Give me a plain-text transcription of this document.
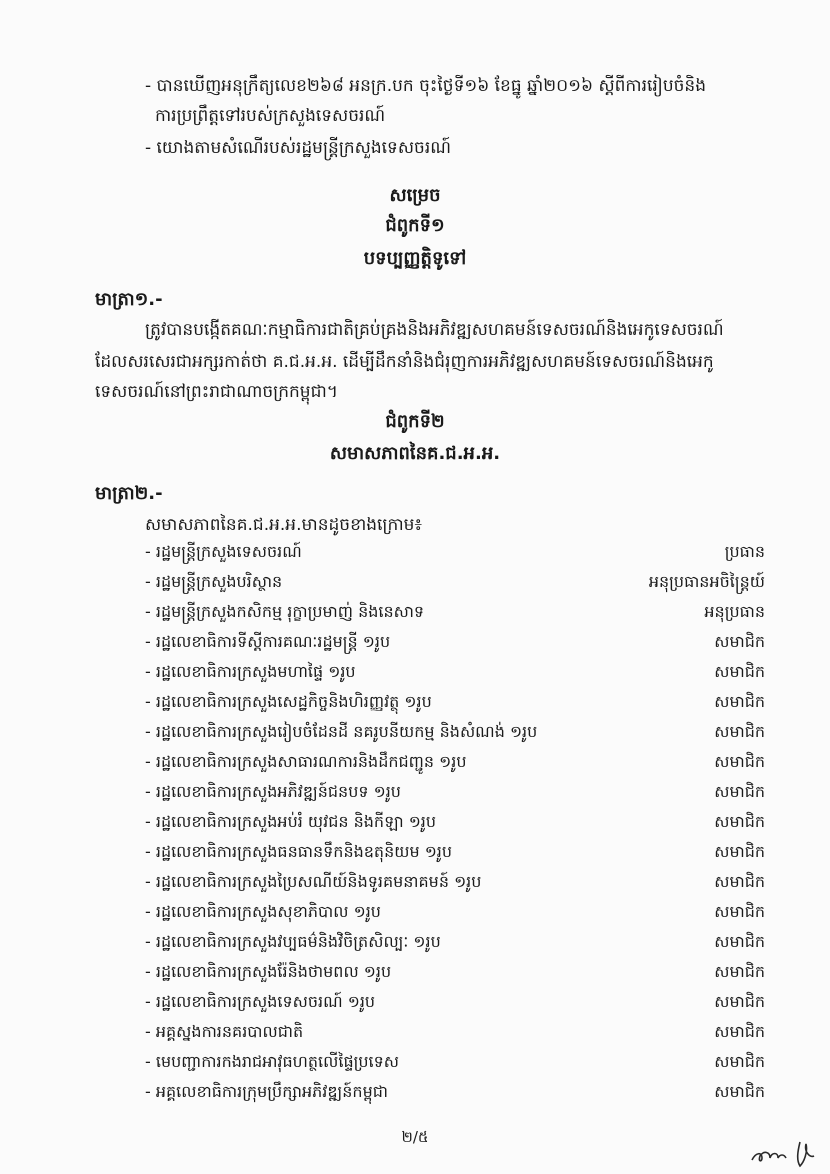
- បានឃើញអនុក្រឹត្យលេខ២៦៨ អនក្រ.បក ចុះថ្ងៃទី១៦ ខែធ្នូ ឆ្នាំ២០១៦ ស្ដីពីការរៀបចំនិង
ការប្រព្រឹត្តទៅរបស់ក្រសួងទេសចរណ៍
- យោងតាមសំណើរបស់រដ្ឋមន្ត្រីក្រសួងទេសចរណ៍
សម្រេច
ជំពូកទី១
បទប្បញ្ញត្តិទូទៅ
មាត្រា១.-
ត្រូវបានបង្កើតគណៈកម្មាធិការជាតិគ្រប់គ្រងនិងអភិវឌ្ឍសហគមន៍ទេសចរណ៍និងអេកូទេសចរណ៍
ដែលសរសេរជាអក្សរកាត់ថា គ.ជ.អ.អ. ដើម្បីដឹកនាំនិងជំរុញការអភិវឌ្ឍសហគមន៍ទេសចរណ៍និងអេកូ
ទេសចរណ៍នៅព្រះរាជាណាចក្រកម្ពុជា។
ជំពូកទី២
សមាសភាពនៃគ.ជ.អ.អ.
មាត្រា២.-
សមាសភាពនៃគ.ជ.អ.អ.មានដូចខាងក្រោម៖
- រដ្ឋមន្ត្រីក្រសួងទេសចរណ៍	ប្រធាន
- រដ្ឋមន្ត្រីក្រសួងបរិស្ថាន	អនុប្រធានអចិន្ត្រៃយ៍
- រដ្ឋមន្ត្រីក្រសួងកសិកម្ម រុក្ខាប្រមាញ់ និងនេសាទ	អនុប្រធាន
- រដ្ឋលេខាធិការទីស្ដីការគណៈរដ្ឋមន្ត្រី ១រូប	សមាជិក
- រដ្ឋលេខាធិការក្រសួងមហាផ្ទៃ ១រូប	សមាជិក
- រដ្ឋលេខាធិការក្រសួងសេដ្ឋកិច្ចនិងហិរញ្ញវត្ថុ ១រូប	សមាជិក
- រដ្ឋលេខាធិការក្រសួងរៀបចំដែនដី នគរូបនីយកម្ម និងសំណង់ ១រូប	សមាជិក
- រដ្ឋលេខាធិការក្រសួងសាធារណការនិងដឹកជញ្ជូន ១រូប	សមាជិក
- រដ្ឋលេខាធិការក្រសួងអភិវឌ្ឍន៍ជនបទ ១រូប	សមាជិក
- រដ្ឋលេខាធិការក្រសួងអប់រំ យុវជន និងកីឡា ១រូប	សមាជិក
- រដ្ឋលេខាធិការក្រសួងធនធានទឹកនិងឧតុនិយម ១រូប	សមាជិក
- រដ្ឋលេខាធិការក្រសួងប្រៃសណីយ៍និងទូរគមនាគមន៍ ១រូប	សមាជិក
- រដ្ឋលេខាធិការក្រសួងសុខាភិបាល ១រូប	សមាជិក
- រដ្ឋលេខាធិការក្រសួងវប្បធម៌និងវិចិត្រសិល្បៈ ១រូប	សមាជិក
- រដ្ឋលេខាធិការក្រសួងរ៉ែនិងថាមពល ១រូប	សមាជិក
- រដ្ឋលេខាធិការក្រសួងទេសចរណ៍ ១រូប	សមាជិក
- អគ្គស្នងការនគរបាលជាតិ	សមាជិក
- មេបញ្ជាការកងរាជអាវុធហត្ថលើផ្ទៃប្រទេស	សមាជិក
- អគ្គលេខាធិការក្រុមប្រឹក្សាអភិវឌ្ឍន៍កម្ពុជា	សមាជិក
២/៥
